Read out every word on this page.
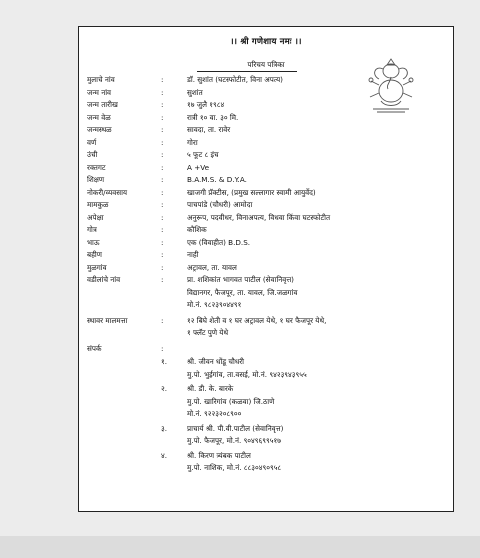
।। श्री गणेशाय नमः ।।
परिचय पत्रिका
मुलाचे नांव	:	डॉ. सुशांत (घटस्फोटीत, विना अपत्य)
जन्म नांव	:	सुशांत
जन्म तारीख	:	१७ जुलै १९८४
जन्म वेळ	:	रात्री १० वा. ३० मि.
जन्मस्थळ	:	सावदा, ता. रावेर
वर्ण	:	गोरा
उंची	:	५ फूट ८ इंच
रक्तगट	:	A +Ve
शिक्षण	:	B.A.M.S. & D.Y.A.
नोकरी/व्यवसाय	:	खाजगी प्रॅक्टीस, (प्रमुख सल्लागार स्वामी आयुर्वेद)
मामकुळ	:	पाचपांडे (चौधरी) आमोदा
अपेक्षा	:	अनुरूप, पदवीधर, विनाअपत्य, विधवा किंवा घटस्फोटीत
गोत्र	:	कौशिक
भाऊ	:	एक (विवाहीत) B.D.S.
बहीण	:	नाही
मुळगांव	:	अट्रावल, ता. यावल
वडीलांचे नांव	:	प्रा. शशिकांत भागवत पाटील (सेवानिवृत्त)
विद्यानगर, फैजपूर, ता. यावल, जि.जळगांव
मो.नं. ९८२३९०४४९१
स्थावर मालमत्ता	:	१२ बिघे शेती व १ घर अट्रावल येथे, १ घर फैजपूर येथे,
१ फ्लॅट पुणे येथे
संपर्क	:
१.	श्री. जीवन धोंडू चौधरी
मु.पो. भुईगांव, ता.वसई, मो.नं. ९४२३९४३९५५
२.	श्री. डी. के. बारके
मु.पो. खारिगांव (कळवा) जि.ठाणे
मो.नं. ९२२३२०८९००
३.	प्राचार्य श्री. पी.वी.पाटील (सेवानिवृत्त)
मु.पो. फैजपूर, मो.नं. ९०४९६९९५१७
४.	श्री. किरण त्र्यंबक पाटील
मु.पो. नाशिक, मो.नं. ८८३०४९०९५८
